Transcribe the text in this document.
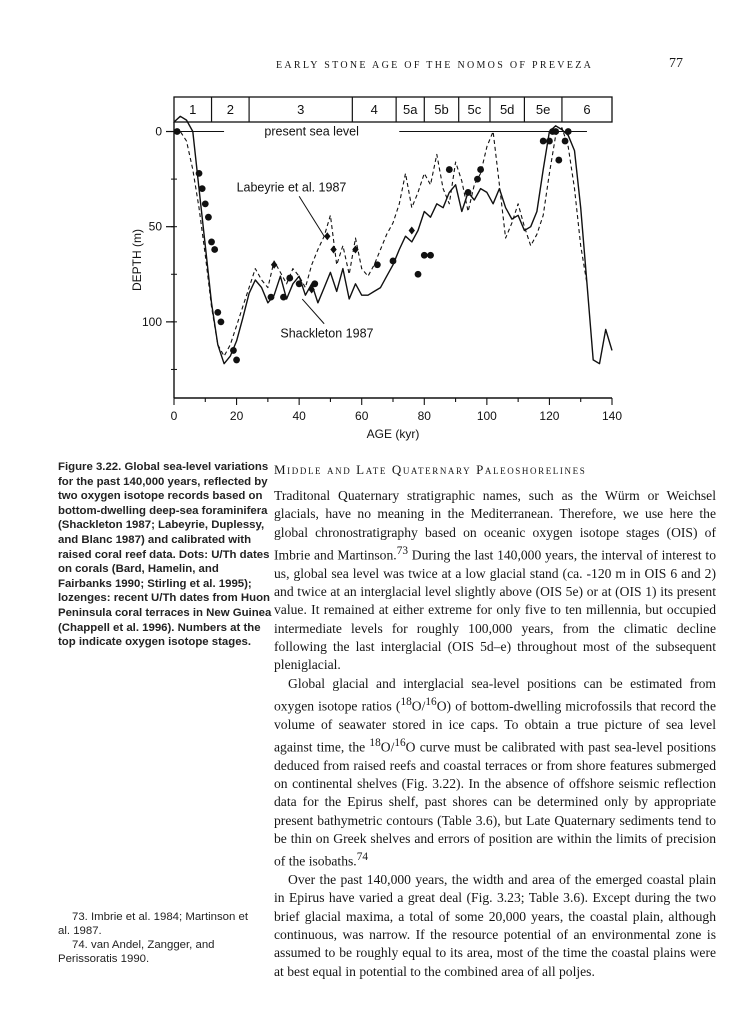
EARLY STONE AGE OF THE NOMOS OF PREVEZA	77
1 2	3	4 5a 5b 5c 5d 5e	6
0
50
100
DEPTH (m)
0	20	40	60	80	100	120	140
AGE (kyr)
present sea level
Labeyrie et al. 1987
Shackleton 1987
Figure 3.22. Global sea-level variations for the past 140,000 years, reflected by two oxygen isotope records based on bottom-dwelling deep-sea foraminifera (Shackleton 1987; Labeyrie, Duplessy, and Blanc 1987) and calibrated with raised coral reef data. Dots: U/Th dates on corals (Bard, Hamelin, and Fairbanks 1990; Stirling et al. 1995); lozenges: recent U/Th dates from Huon Peninsula coral terraces in New Guinea (Chappell et al. 1996). Numbers at the top indicate oxygen isotope stages.
Middle and Late Quaternary Paleoshorelines

Traditonal Quaternary stratigraphic names, such as the Würm or Weichsel glacials, have no meaning in the Mediterranean. Therefore, we use here the global chronostratigraphy based on oceanic oxygen isotope stages (OIS) of Imbrie and Martinson.$^{73}$ During the last 140,000 years, the interval of interest to us, global sea level was twice at a low glacial stand (ca. -120 m in OIS 6 and 2) and twice at an interglacial level slightly above (OIS 5e) or at (OIS 1) its present value. It remained at either extreme for only five to ten millennia, but occupied intermediate levels for roughly 100,000 years, from the climatic decline following the last interglacial (OIS 5d–e) throughout most of the subsequent pleniglacial.

Global glacial and interglacial sea-level positions can be estimated from oxygen isotope ratios ($^{18}$O/$^{16}$O) of bottom-dwelling microfossils that record the volume of seawater stored in ice caps. To obtain a true picture of sea level against time, the $^{18}$O/$^{16}$O curve must be calibrated with past sea-level positions deduced from raised reefs and coastal terraces or from shore features submerged on continental shelves (Fig. 3.22). In the absence of offshore seismic reflection data for the Epirus shelf, past shores can be determined only by appropriate present bathymetric contours (Table 3.6), but Late Quaternary sediments tend to be thin on Greek shelves and errors of position are within the limits of precision of the isobaths.$^{74}$

Over the past 140,000 years, the width and area of the emerged coastal plain in Epirus have varied a great deal (Fig. 3.23; Table 3.6). Except during the two brief glacial maxima, a total of some 20,000 years, the coastal plain, although continuous, was narrow. If the resource potential of an environmental zone is assumed to be roughly equal to its area, most of the time the coastal plains were at best equal in potential to the combined area of all poljes.

73. Imbrie et al. 1984; Martinson et al. 1987.

74. van Andel, Zangger, and Perissoratis 1990.
